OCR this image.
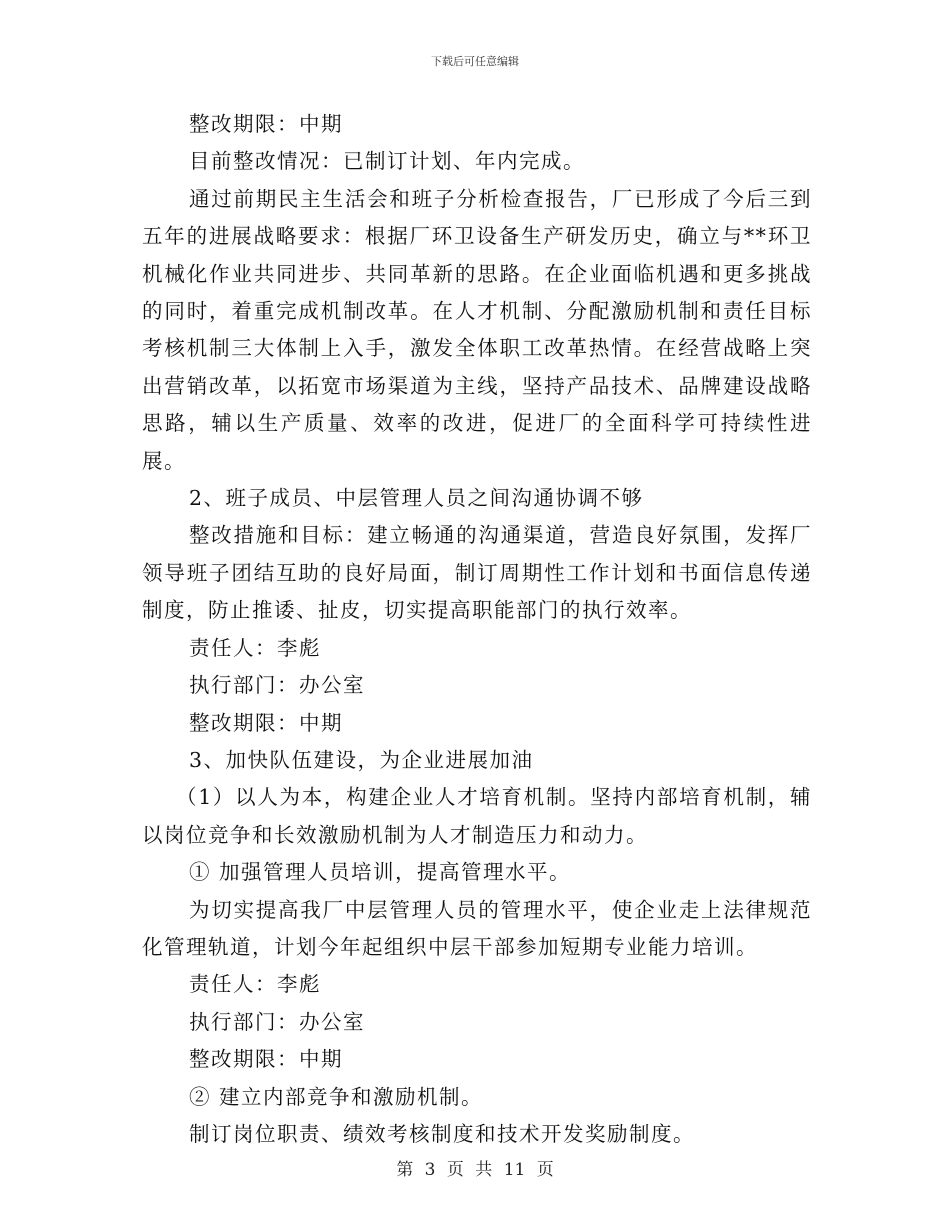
下载后可任意编辑

整改期限：中期

目前整改情况：已制订计划、年内完成。

通过前期民主生活会和班子分析检查报告，厂已形成了今后三到五年的进展战略要求：根据厂环卫设备生产研发历史，确立与**环卫机械化作业共同进步、共同革新的思路。在企业面临机遇和更多挑战的同时，着重完成机制改革。在人才机制、分配激励机制和责任目标考核机制三大体制上入手，激发全体职工改革热情。在经营战略上突出营销改革，以拓宽市场渠道为主线，坚持产品技术、品牌建设战略思路，辅以生产质量、效率的改进，促进厂的全面科学可持续性进展。

2、班子成员、中层管理人员之间沟通协调不够

整改措施和目标：建立畅通的沟通渠道，营造良好氛围，发挥厂领导班子团结互助的良好局面，制订周期性工作计划和书面信息传递制度，防止推诿、扯皮，切实提高职能部门的执行效率。

责任人：李彪

执行部门：办公室

整改期限：中期

3、加快队伍建设，为企业进展加油

（1）以人为本，构建企业人才培育机制。坚持内部培育机制，辅以岗位竞争和长效激励机制为人才制造压力和动力。

① 加强管理人员培训，提高管理水平。

为切实提高我厂中层管理人员的管理水平，使企业走上法律规范化管理轨道，计划今年起组织中层干部参加短期专业能力培训。

责任人：李彪

执行部门：办公室

整改期限：中期

② 建立内部竞争和激励机制。

制订岗位职责、绩效考核制度和技术开发奖励制度。

第 3 页 共 11 页
